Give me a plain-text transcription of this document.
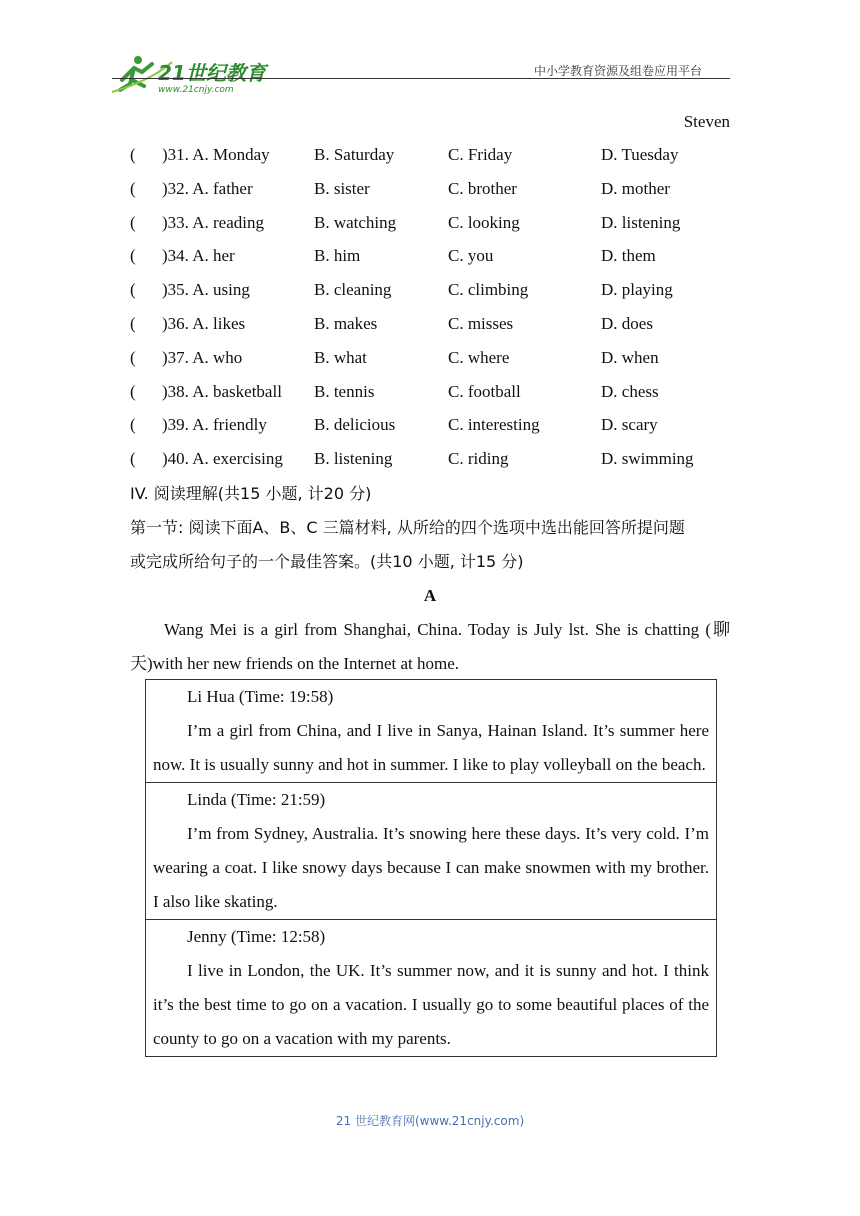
21世纪教育
www.21cnjy.com
中小学教育资源及组卷应用平台
Steven
( )31. A. Monday	B. Saturday	C. Friday	D. Tuesday
( )32. A. father	B. sister	C. brother	D. mother
( )33. A. reading	B. watching	C. looking	D. listening
( )34. A. her	B. him	C. you	D. them
( )35. A. using	B. cleaning	C. climbing	D. playing
( )36. A. likes	B. makes	C. misses	D. does
( )37. A. who	B. what	C. where	D. when
( )38. A. basketball B. tennis	C. football	D. chess
( )39. A. friendly	B. delicious	C. interesting	D. scary
( )40. A. exercising B. listening	C. riding	D. swimming
IV. 阅读理解(共15 小题, 计20 分)
第一节: 阅读下面A、B、C 三篇材料, 从所给的四个选项中选出能回答所提问题
或完成所给句子的一个最佳答案。(共10 小题, 计15 分)
A
Wang Mei is a girl from Shanghai, China. Today is July lst. She is chatting (聊天)with her new friends on the Internet at home.

Li Hua (Time: 19:58)

I’m a girl from China, and I live in Sanya, Hainan Island. It’s summer here now. It is usually sunny and hot in summer. I like to play volleyball on the beach.

Linda (Time: 21:59)

I’m from Sydney, Australia. It’s snowing here these days. It’s very cold. I’m wearing a coat. I like snowy days because I can make snowmen with my brother. I also like skating.

Jenny (Time: 12:58)

I live in London, the UK. It’s summer now, and it is sunny and hot. I think it’s the best time to go on a vacation. I usually go to some beautiful places of the county to go on a vacation with my parents.

21 世纪教育网(www.21cnjy.com)
